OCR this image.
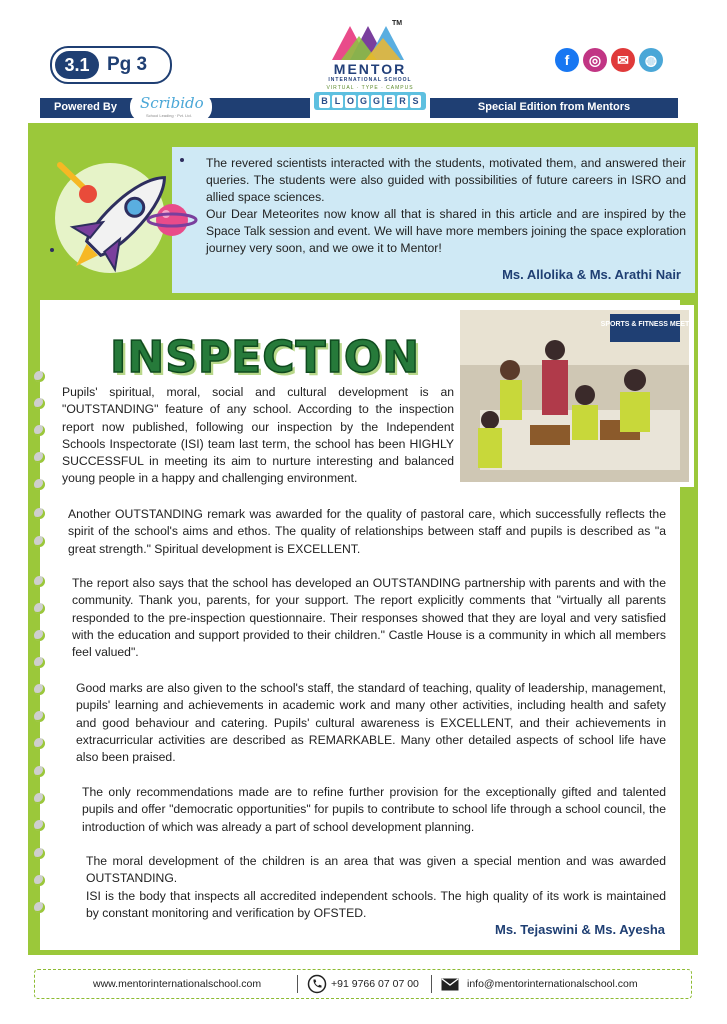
3.1 Pg 3
TM
MENTOR
INTERNATIONAL SCHOOL
VIRTUAL · TYPE · CAMPUS
B L O G G E R S
f	◎	✉	◍
Powered By Scribido
School Leading · Pvt. Ltd.
Special Edition from Mentors

The revered scientists interacted with the students, motivated them, and answered their queries. The students were also guided with possibilities of future careers in ISRO and allied space sciences.

Our Dear Meteorites now know all that is shared in this article and are inspired by the Space Talk session and event. We will have more members joining the space exploration journey very soon, and we owe it to Mentor!

Ms. Allolika & Ms. Arathi Nair
SPORTS & FITNESS MEET
INSPECTION

Pupils' spiritual, moral, social and cultural development is an "OUTSTANDING" feature of any school. According to the inspection report now published, following our inspection by the Independent Schools Inspectorate (ISI) team last term, the school has been HIGHLY SUCCESSFUL in meeting its aim to nurture interesting and balanced young people in a happy and challenging environment.

Another OUTSTANDING remark was awarded for the quality of pastoral care, which successfully reflects the spirit of the school's aims and ethos. The quality of relationships between staff and pupils is described as "a great strength." Spiritual development is EXCELLENT.

The report also says that the school has developed an OUTSTANDING partnership with parents and with the community. Thank you, parents, for your support. The report explicitly comments that "virtually all parents responded to the pre-inspection questionnaire. Their responses showed that they are loyal and very satisfied with the education and support provided to their children." Castle House is a community in which all members feel valued".

Good marks are also given to the school's staff, the standard of teaching, quality of leadership, management, pupils' learning and achievements in academic work and many other activities, including health and safety and good behaviour and catering. Pupils' cultural awareness is EXCELLENT, and their achievements in extracurricular activities are described as REMARKABLE. Many other detailed aspects of school life have also been praised.

The only recommendations made are to refine further provision for the exceptionally gifted and talented pupils and offer "democratic opportunities" for pupils to contribute to school life through a school council, the introduction of which was already a part of school development planning.

The moral development of the children is an area that was given a special mention and was awarded OUTSTANDING.

ISI is the body that inspects all accredited independent schools. The high quality of its work is maintained by constant monitoring and verification by OFSTED.

Ms. Tejaswini & Ms. Ayesha
www.mentorinternationalschool.com	+91 9766 07 07 00	info@mentorinternationalschool.com
